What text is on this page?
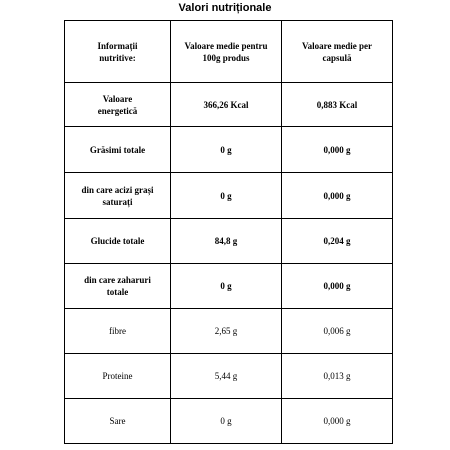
Valori nutriționale
Informații nutritive:	Valoare medie pentru 100g produs	Valoare medie per capsulă
Valoare energetică	366,26 Kcal	0,883 Kcal
Grăsimi totale	0 g	0,000 g
din care acizi grași saturați	0 g	0,000 g
Glucide totale	84,8 g	0,204 g
din care zaharuri totale	0 g	0,000 g
fibre	2,65 g	0,006 g
Proteine	5,44 g	0,013 g
Sare	0 g	0,000 g
